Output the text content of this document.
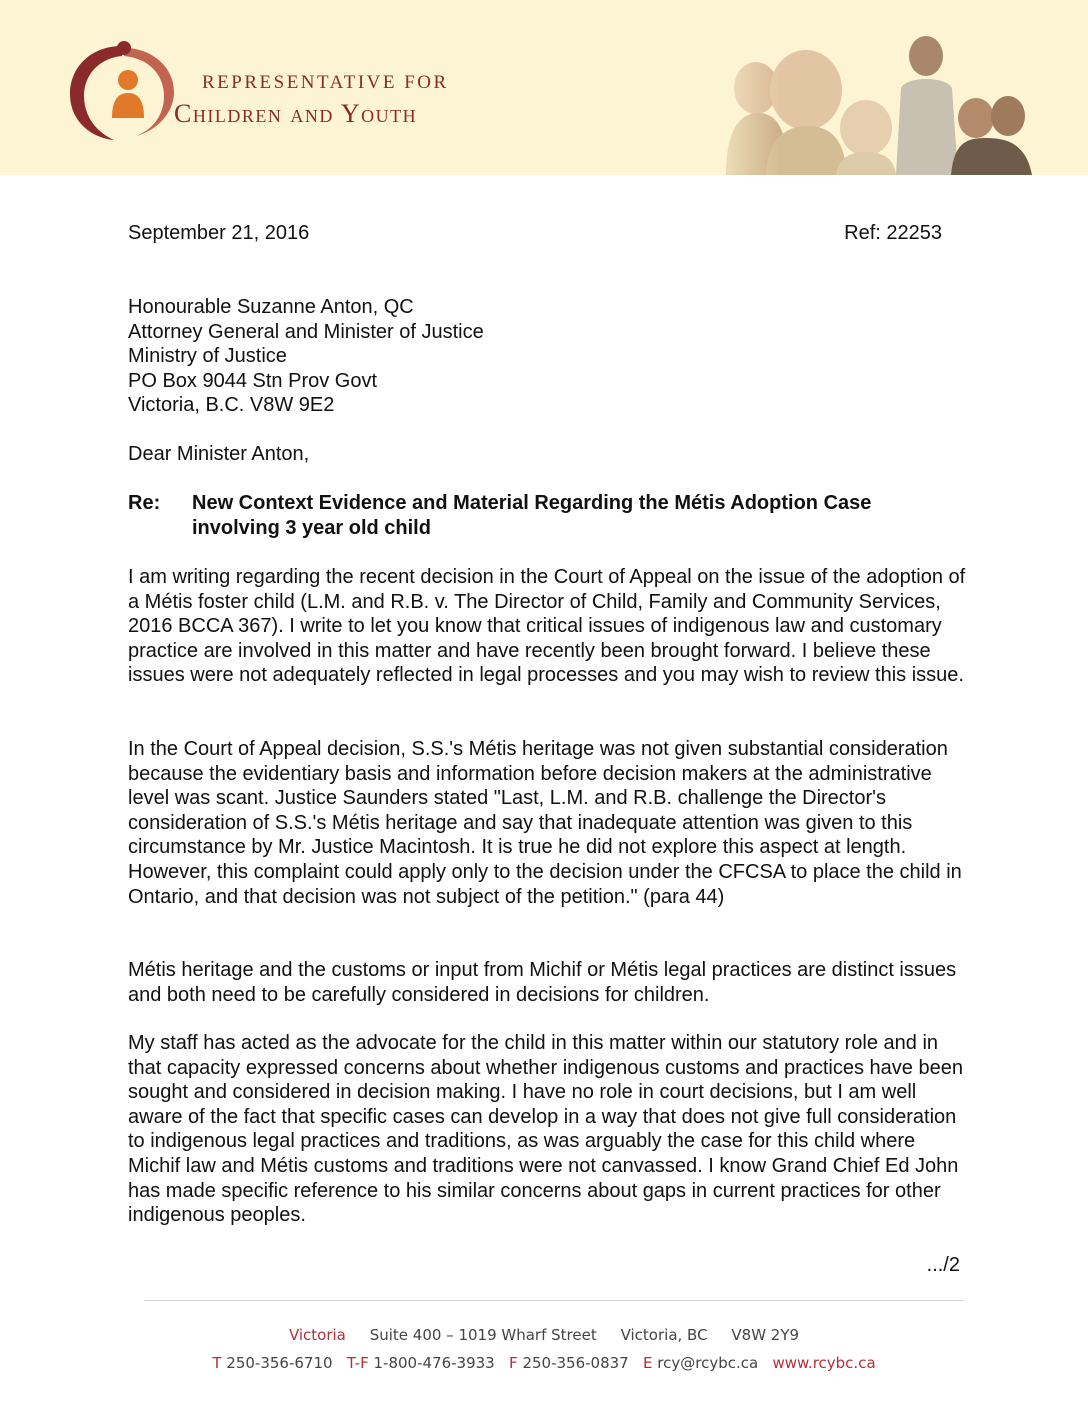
REPRESENTATIVE FOR
Children and Youth

September 21, 2016	Ref: 22253

Honourable Suzanne Anton, QC
Attorney General and Minister of Justice
Ministry of Justice
PO Box 9044 Stn Prov Govt
Victoria, B.C. V8W 9E2

Dear Minister Anton,

Re: New Context Evidence and Material Regarding the Métis Adoption Case involving 3 year old child

I am writing regarding the recent decision in the Court of Appeal on the issue of the adoption of a Métis foster child (L.M. and R.B. v. The Director of Child, Family and Community Services, 2016 BCCA 367). I write to let you know that critical issues of indigenous law and customary practice are involved in this matter and have recently been brought forward. I believe these issues were not adequately reflected in legal processes and you may wish to review this issue.

In the Court of Appeal decision, S.S.'s Métis heritage was not given substantial consideration because the evidentiary basis and information before decision makers at the administrative level was scant. Justice Saunders stated "Last, L.M. and R.B. challenge the Director's consideration of S.S.'s Métis heritage and say that inadequate attention was given to this circumstance by Mr. Justice Macintosh. It is true he did not explore this aspect at length. However, this complaint could apply only to the decision under the CFCSA to place the child in Ontario, and that decision was not subject of the petition." (para 44)

Métis heritage and the customs or input from Michif or Métis legal practices are distinct issues and both need to be carefully considered in decisions for children.

My staff has acted as the advocate for the child in this matter within our statutory role and in that capacity expressed concerns about whether indigenous customs and practices have been sought and considered in decision making. I have no role in court decisions, but I am well aware of the fact that specific cases can develop in a way that does not give full consideration to indigenous legal practices and traditions, as was arguably the case for this child where Michif law and Métis customs and traditions were not canvassed. I know Grand Chief Ed John has made specific reference to his similar concerns about gaps in current practices for other indigenous peoples.

.../2

Victoria Suite 400 – 1019 Wharf Street Victoria, BC V8W 2Y9
T 250-356-6710 T-F 1-800-476-3933 F 250-356-0837 E rcy@rcybc.ca www.rcybc.ca
